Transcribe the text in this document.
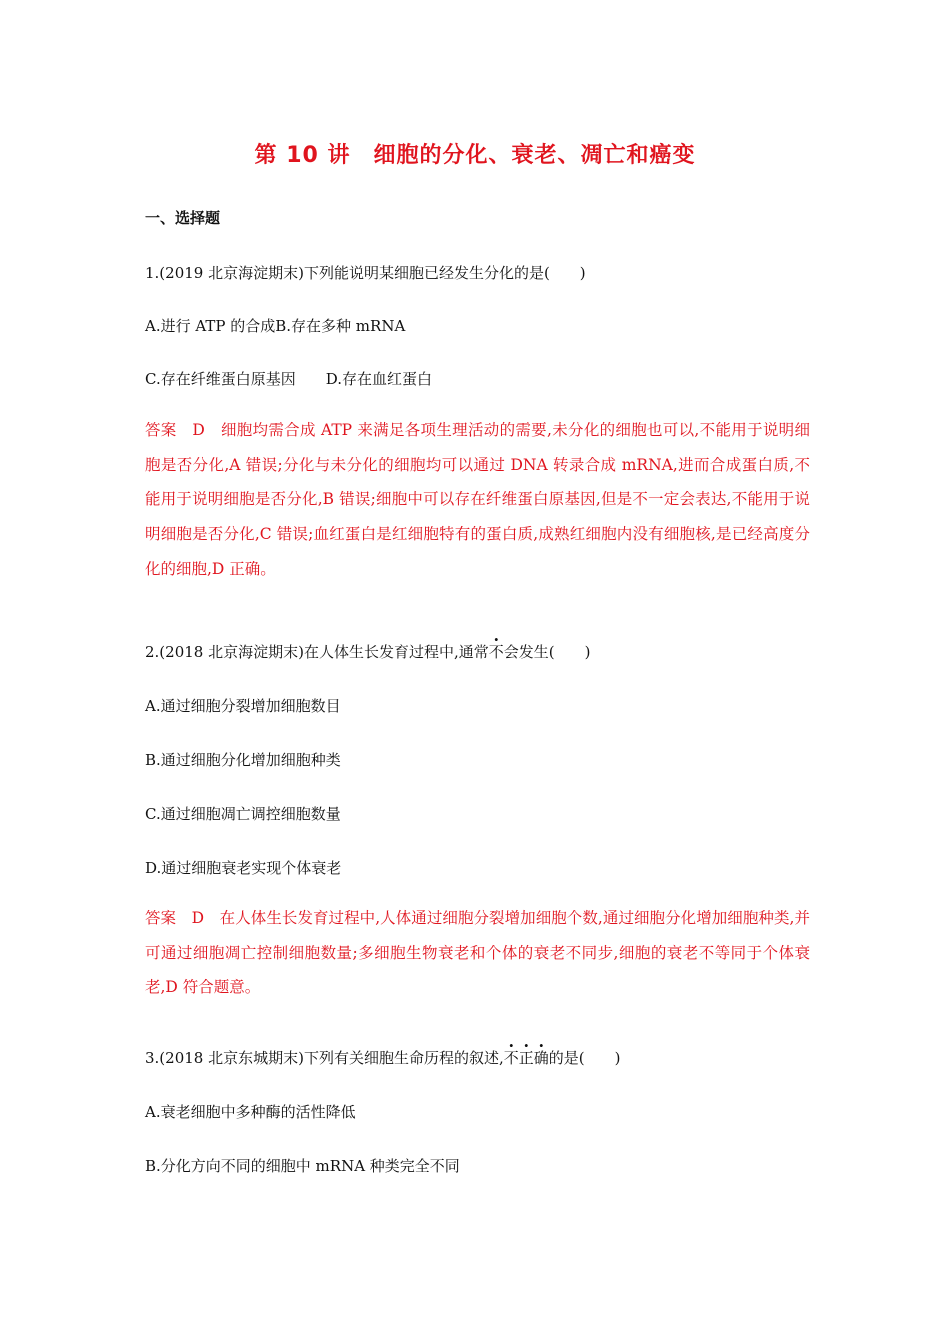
第 10 讲　细胞的分化、衰老、凋亡和癌变
一、选择题
1.(2019 北京海淀期末)下列能说明某细胞已经发生分化的是(　　)
A.进行 ATP 的合成B.存在多种 mRNA
C.存在纤维蛋白原基因　　D.存在血红蛋白
答案　D　细胞均需合成 ATP 来满足各项生理活动的需要,未分化的细胞也可以,不能用于说明细胞是否分化,A 错误;分化与未分化的细胞均可以通过 DNA 转录合成 mRNA,进而合成蛋白质,不能用于说明细胞是否分化,B 错误;细胞中可以存在纤维蛋白原基因,但是不一定会表达,不能用于说明细胞是否分化,C 错误;血红蛋白是红细胞特有的蛋白质,成熟红细胞内没有细胞核,是已经高度分化的细胞,D 正确。
2.(2018 北京海淀期末)在人体生长发育过程中,通常不会发生(　　)
A.通过细胞分裂增加细胞数目
B.通过细胞分化增加细胞种类
C.通过细胞凋亡调控细胞数量
D.通过细胞衰老实现个体衰老
答案　D　在人体生长发育过程中,人体通过细胞分裂增加细胞个数,通过细胞分化增加细胞种类,并可通过细胞凋亡控制细胞数量;多细胞生物衰老和个体的衰老不同步,细胞的衰老不等同于个体衰老,D 符合题意。
3.(2018 北京东城期末)下列有关细胞生命历程的叙述,不正确的是(　　)
A.衰老细胞中多种酶的活性降低
B.分化方向不同的细胞中 mRNA 种类完全不同
